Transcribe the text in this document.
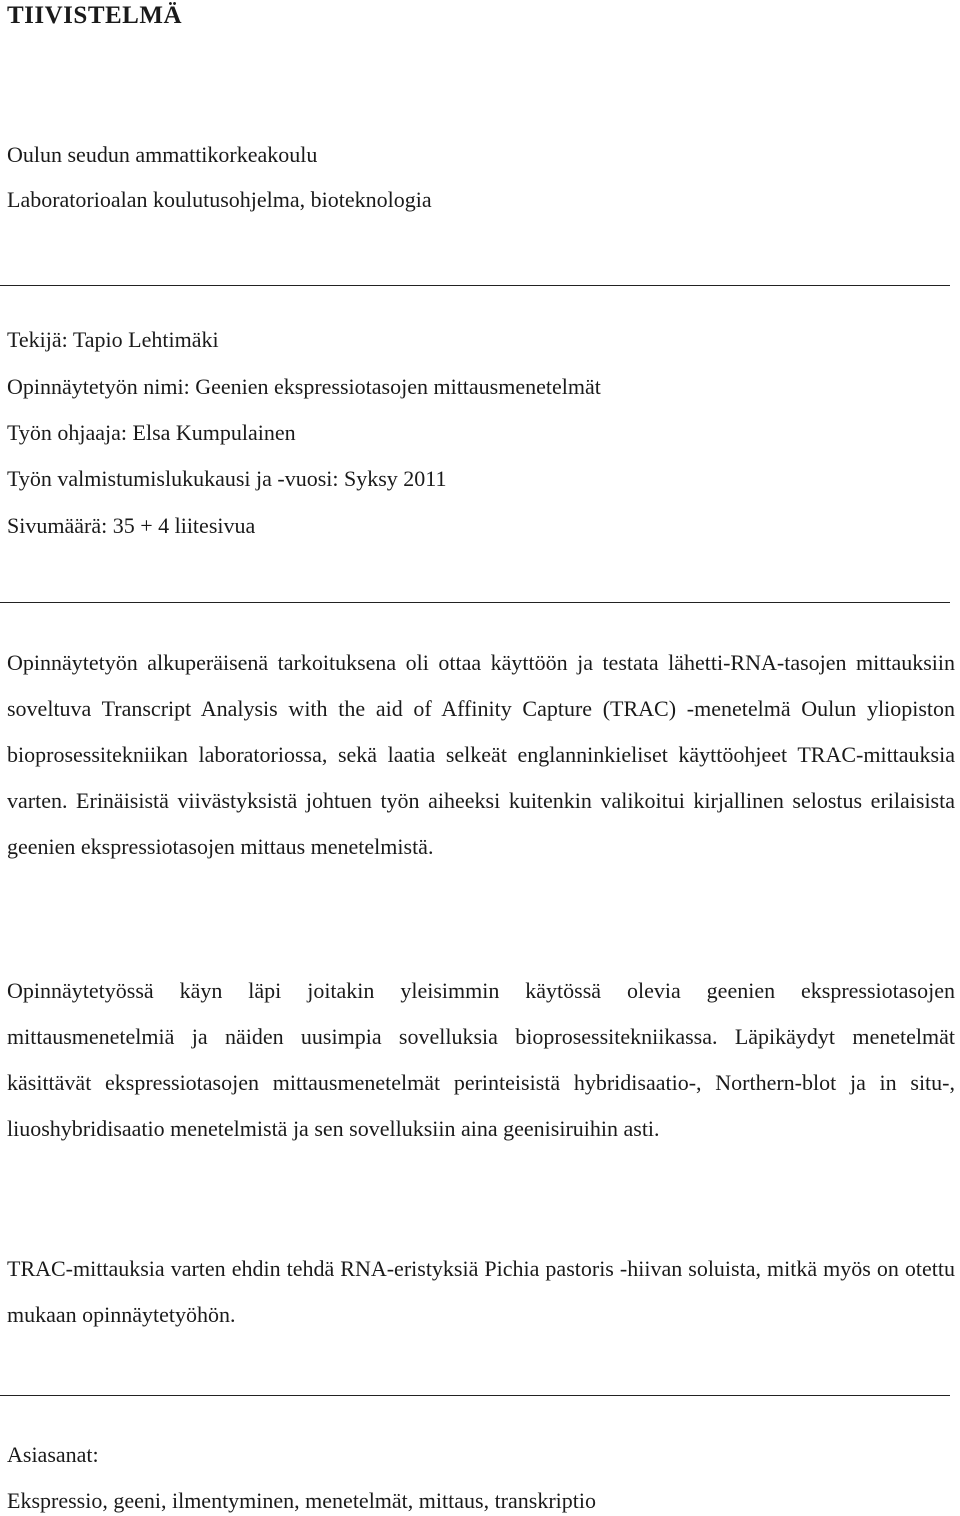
TIIVISTELMÄ
Oulun seudun ammattikorkeakoulu
Laboratorioalan koulutusohjelma, bioteknologia
Tekijä: Tapio Lehtimäki
Opinnäytetyön nimi: Geenien ekspressiotasojen mittausmenetelmät
Työn ohjaaja: Elsa Kumpulainen
Työn valmistumislukukausi ja -vuosi: Syksy 2011
Sivumäärä: 35 + 4 liitesivua

Opinnäytetyön alkuperäisenä tarkoituksena oli ottaa käyttöön ja testata lähetti-RNA-tasojen mittauksiin soveltuva Transcript Analysis with the aid of Affinity Capture (TRAC) -menetelmä Oulun yliopiston bioprosessitekniikan laboratoriossa, sekä laatia selkeät englanninkieliset käyttöohjeet TRAC-mittauksia varten. Erinäisistä viivästyksistä johtuen työn aiheeksi kuitenkin valikoitui kirjallinen selostus erilaisista geenien ekspressiotasojen mittaus menetelmistä.

Opinnäytetyössä käyn läpi joitakin yleisimmin käytössä olevia geenien ekspressiotasojen mittausmenetelmiä ja näiden uusimpia sovelluksia bioprosessitekniikassa. Läpikäydyt menetelmät käsittävät ekspressiotasojen mittausmenetelmät perinteisistä hybridisaatio-, Northern-blot ja in situ-, liuoshybridisaatio menetelmistä ja sen sovelluksiin aina geenisiruihin asti.

TRAC-mittauksia varten ehdin tehdä RNA-eristyksiä Pichia pastoris -hiivan soluista, mitkä myös on otettu mukaan opinnäytetyöhön.

Asiasanat:
Ekspressio, geeni, ilmentyminen, menetelmät, mittaus, transkriptio
